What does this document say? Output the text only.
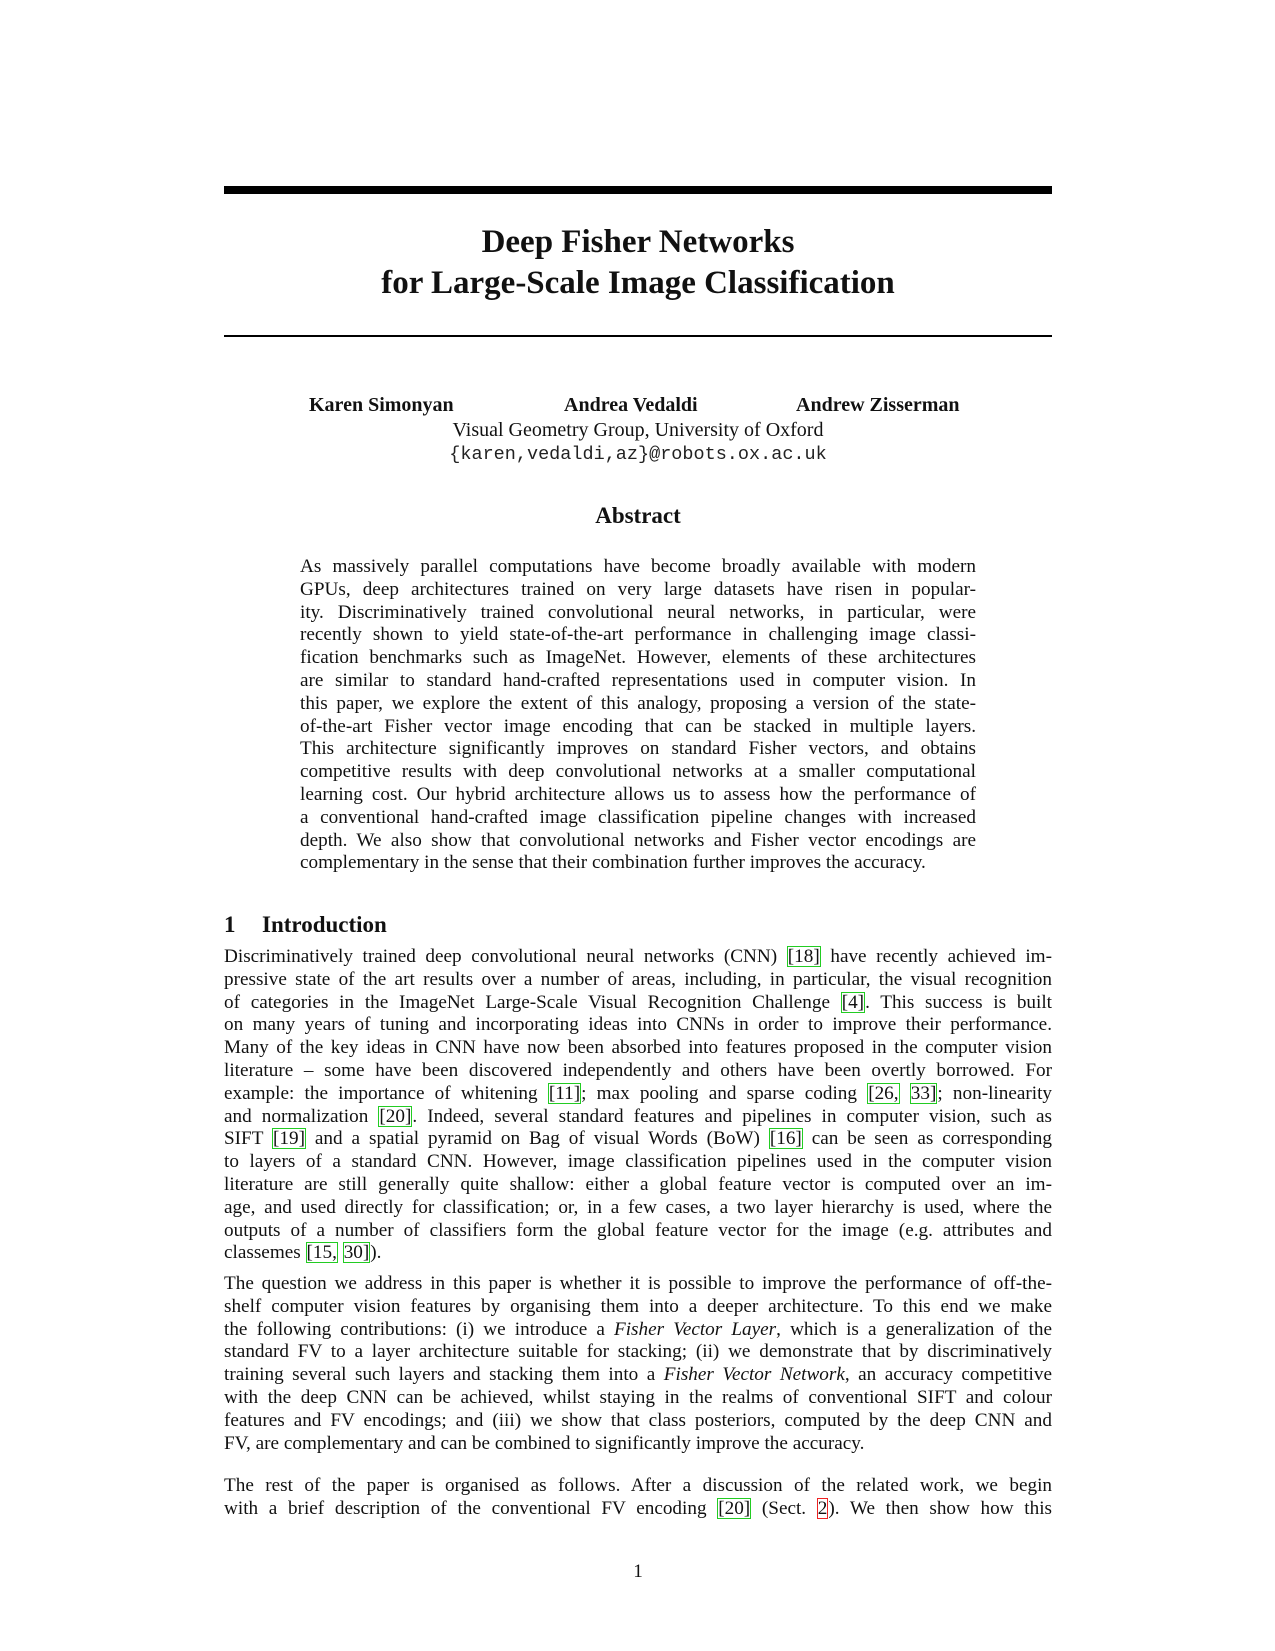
Deep Fisher Networks
for Large-Scale Image Classification
Karen Simonyan	Andrea Vedaldi	Andrew Zisserman
Visual Geometry Group, University of Oxford
{karen,vedaldi,az}@robots.ox.ac.uk
Abstract
As massively parallel computations have become broadly available with modern
GPUs, deep architectures trained on very large datasets have risen in popular-
ity. Discriminatively trained convolutional neural networks, in particular, were
recently shown to yield state-of-the-art performance in challenging image classi-
fication benchmarks such as ImageNet. However, elements of these architectures
are similar to standard hand-crafted representations used in computer vision. In
this paper, we explore the extent of this analogy, proposing a version of the state-
of-the-art Fisher vector image encoding that can be stacked in multiple layers.
This architecture significantly improves on standard Fisher vectors, and obtains
competitive results with deep convolutional networks at a smaller computational
learning cost. Our hybrid architecture allows us to assess how the performance of
a conventional hand-crafted image classification pipeline changes with increased
depth. We also show that convolutional networks and Fisher vector encodings are
complementary in the sense that their combination further improves the accuracy.
1 Introduction
Discriminatively trained deep convolutional neural networks (CNN) [18] have recently achieved im-
pressive state of the art results over a number of areas, including, in particular, the visual recognition
of categories in the ImageNet Large-Scale Visual Recognition Challenge [4]. This success is built
on many years of tuning and incorporating ideas into CNNs in order to improve their performance.
Many of the key ideas in CNN have now been absorbed into features proposed in the computer vision
literature – some have been discovered independently and others have been overtly borrowed. For
example: the importance of whitening [11]; max pooling and sparse coding [26, 33]; non-linearity
and normalization [20]. Indeed, several standard features and pipelines in computer vision, such as
SIFT [19] and a spatial pyramid on Bag of visual Words (BoW) [16] can be seen as corresponding
to layers of a standard CNN. However, image classification pipelines used in the computer vision
literature are still generally quite shallow: either a global feature vector is computed over an im-
age, and used directly for classification; or, in a few cases, a two layer hierarchy is used, where the
outputs of a number of classifiers form the global feature vector for the image (e.g. attributes and
classemes [15, 30]).
The question we address in this paper is whether it is possible to improve the performance of off-the-
shelf computer vision features by organising them into a deeper architecture. To this end we make
the following contributions: (i) we introduce a Fisher Vector Layer, which is a generalization of the
standard FV to a layer architecture suitable for stacking; (ii) we demonstrate that by discriminatively
training several such layers and stacking them into a Fisher Vector Network, an accuracy competitive
with the deep CNN can be achieved, whilst staying in the realms of conventional SIFT and colour
features and FV encodings; and (iii) we show that class posteriors, computed by the deep CNN and
FV, are complementary and can be combined to significantly improve the accuracy.
The rest of the paper is organised as follows. After a discussion of the related work, we begin
with a brief description of the conventional FV encoding [20] (Sect. 2). We then show how this
1
